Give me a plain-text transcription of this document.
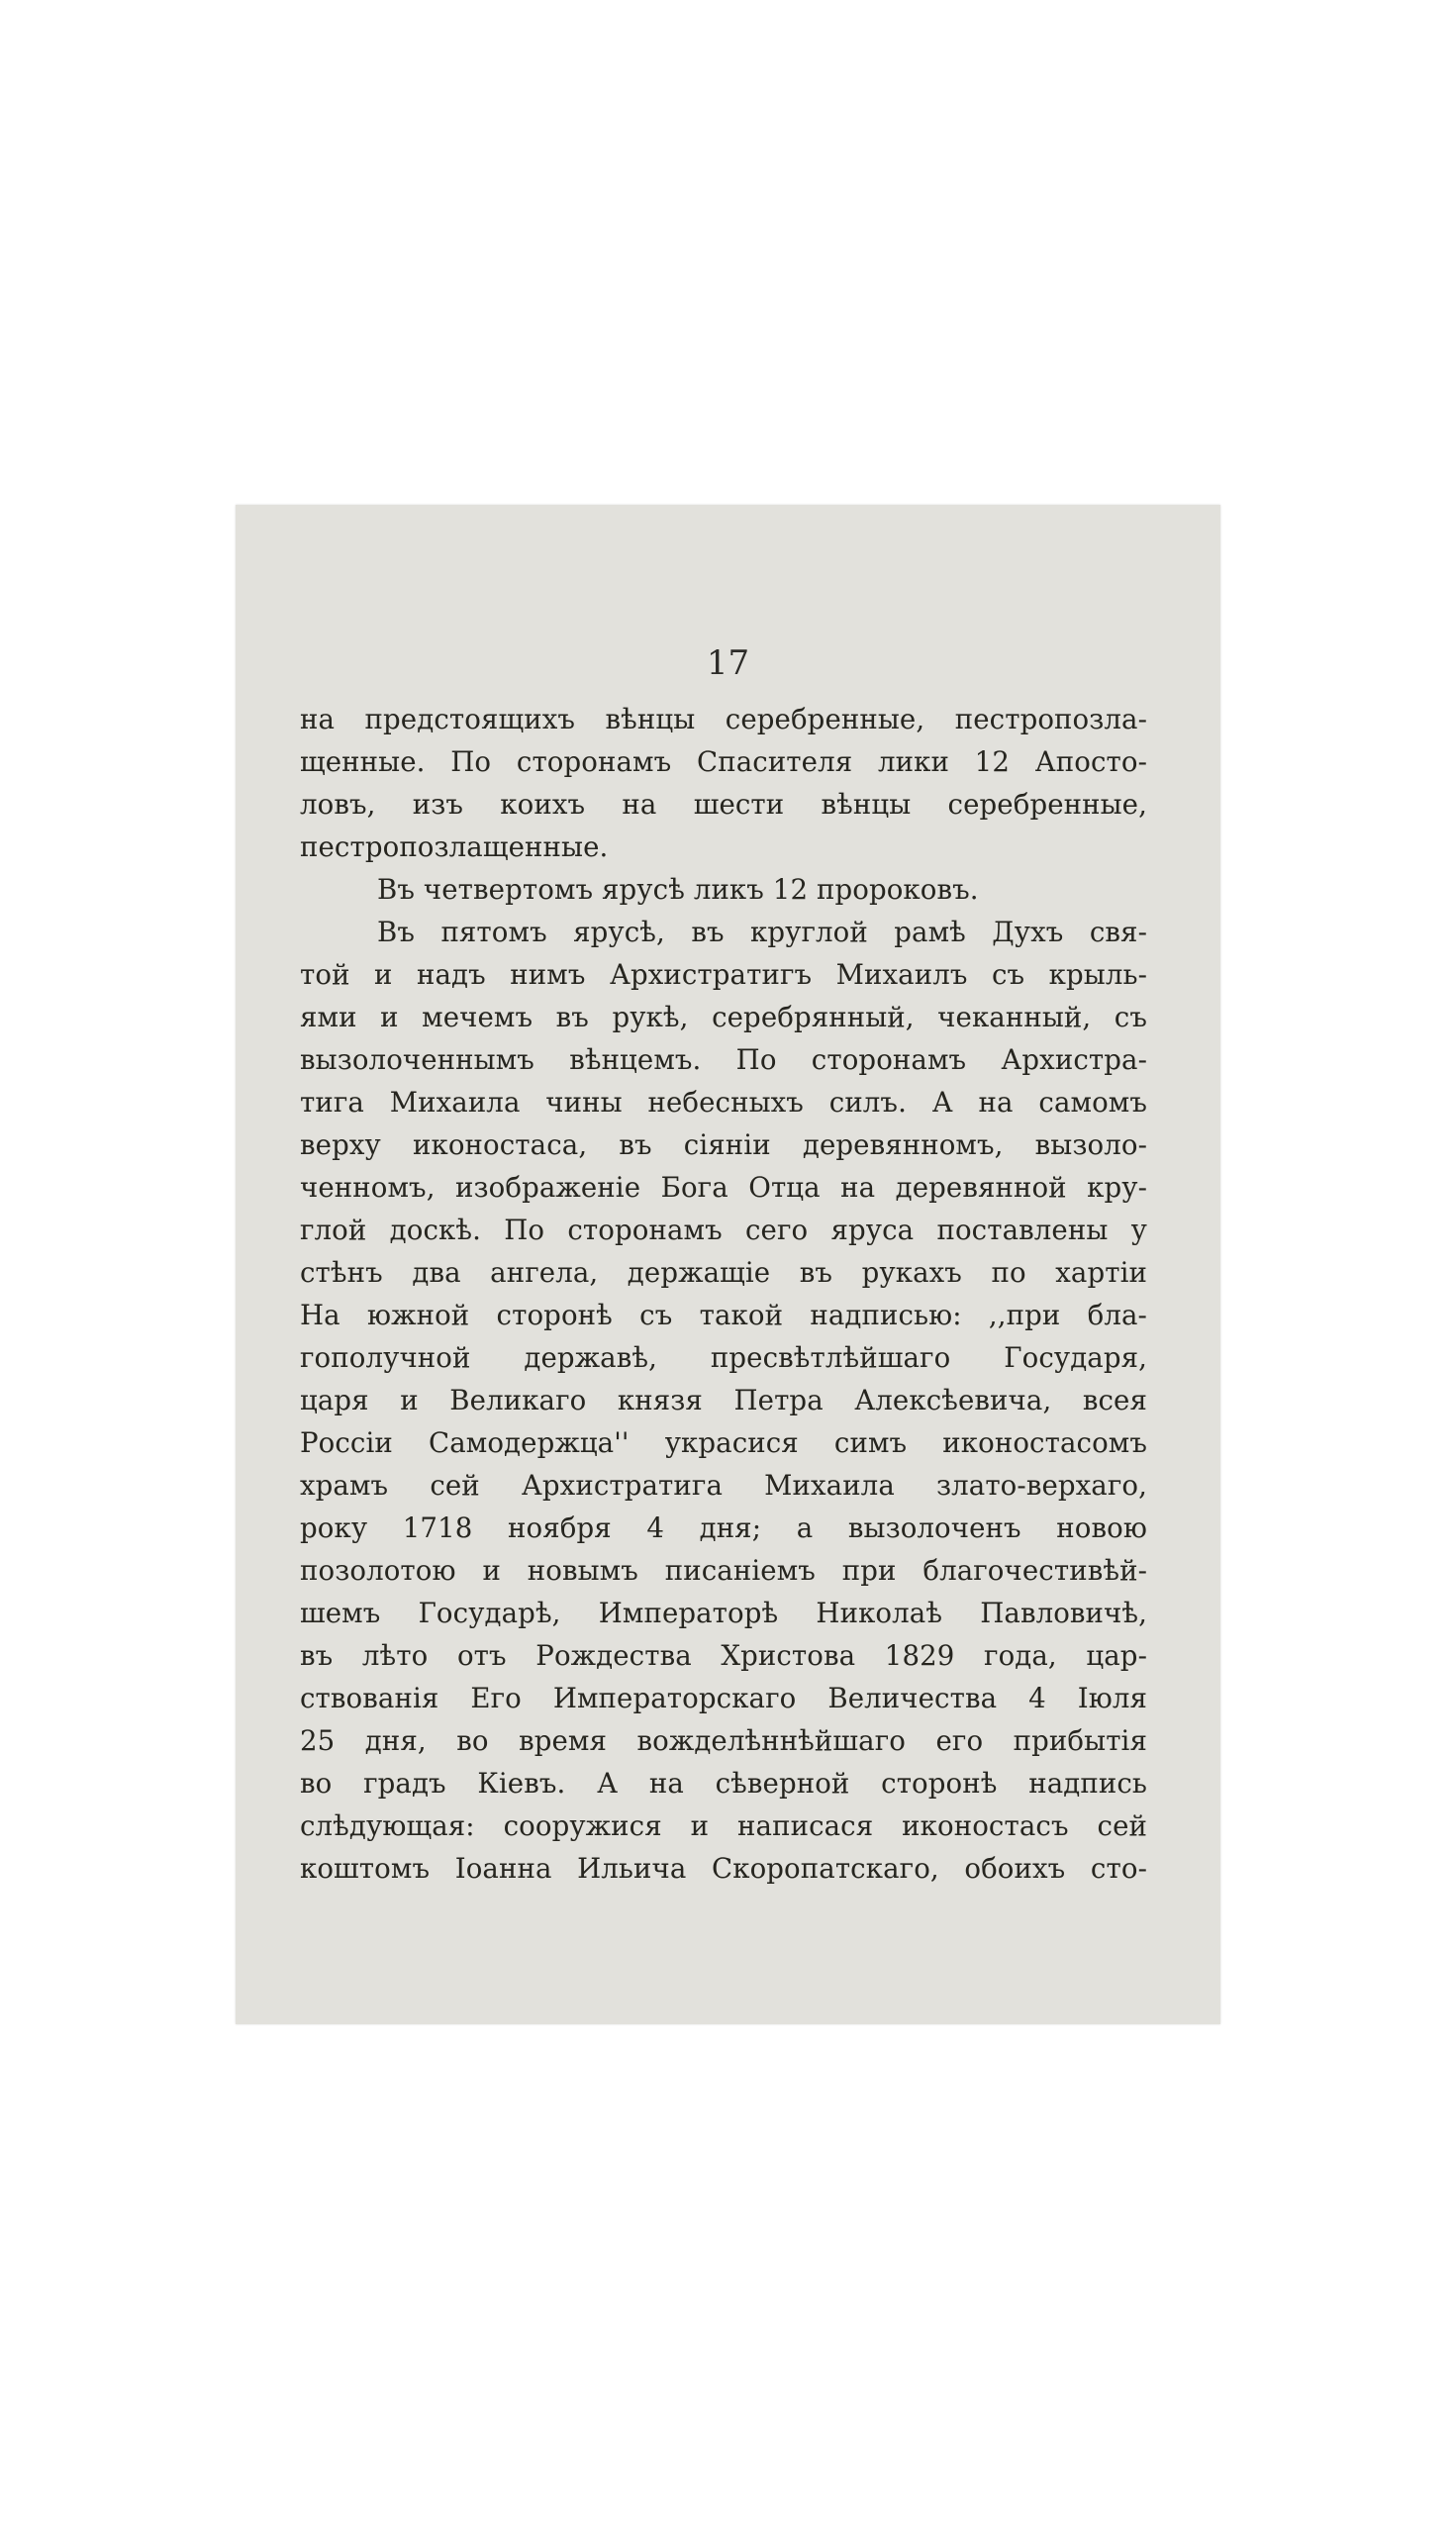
17
на предстоящихъ вѣнцы серебренные, пестропозла-
щенные. По сторонамъ Спасителя лики 12 Апосто-
ловъ, изъ коихъ на шести вѣнцы серебренные,
пестропозлащенные.
Въ четвертомъ ярусѣ ликъ 12 пророковъ.
Въ пятомъ ярусѣ, въ круглой рамѣ Духъ свя-
той и надъ нимъ Архистратигъ Михаилъ съ крыль-
ями и мечемъ въ рукѣ, серебрянный, чеканный, съ
вызолоченнымъ вѣнцемъ. По сторонамъ Архистра-
тига Михаила чины небесныхъ силъ. А на самомъ
верху иконостаса, въ сіяніи деревянномъ, вызоло-
ченномъ, изображеніе Бога Отца на деревянной кру-
глой доскѣ. По сторонамъ сего яруса поставлены у
стѣнъ два ангела, держащіе въ рукахъ по хартіи
На южной сторонѣ съ такой надписью: ,,при бла-
гополучной державѣ, пресвѣтлѣйшаго Государя,
царя и Великаго князя Петра Алексѣевича, всея
Россіи Самодержца'' украсися симъ иконостасомъ
храмъ сей Архистратига Михаила злато-верхаго,
року 1718 ноября 4 дня; а вызолоченъ новою
позолотою и новымъ писаніемъ при благочестивѣй-
шемъ Государѣ, Императорѣ Николаѣ Павловичѣ,
въ лѣто отъ Рождества Христова 1829 года, цар-
ствованія Его Императорскаго Величества 4 Іюля
25 дня, во время вожделѣннѣйшаго его прибытія
во градъ Кіевъ. А на сѣверной сторонѣ надпись
слѣдующая: сооружися и написася иконостасъ сей
коштомъ Іоанна Ильича Скоропатскаго, обоихъ сто-
